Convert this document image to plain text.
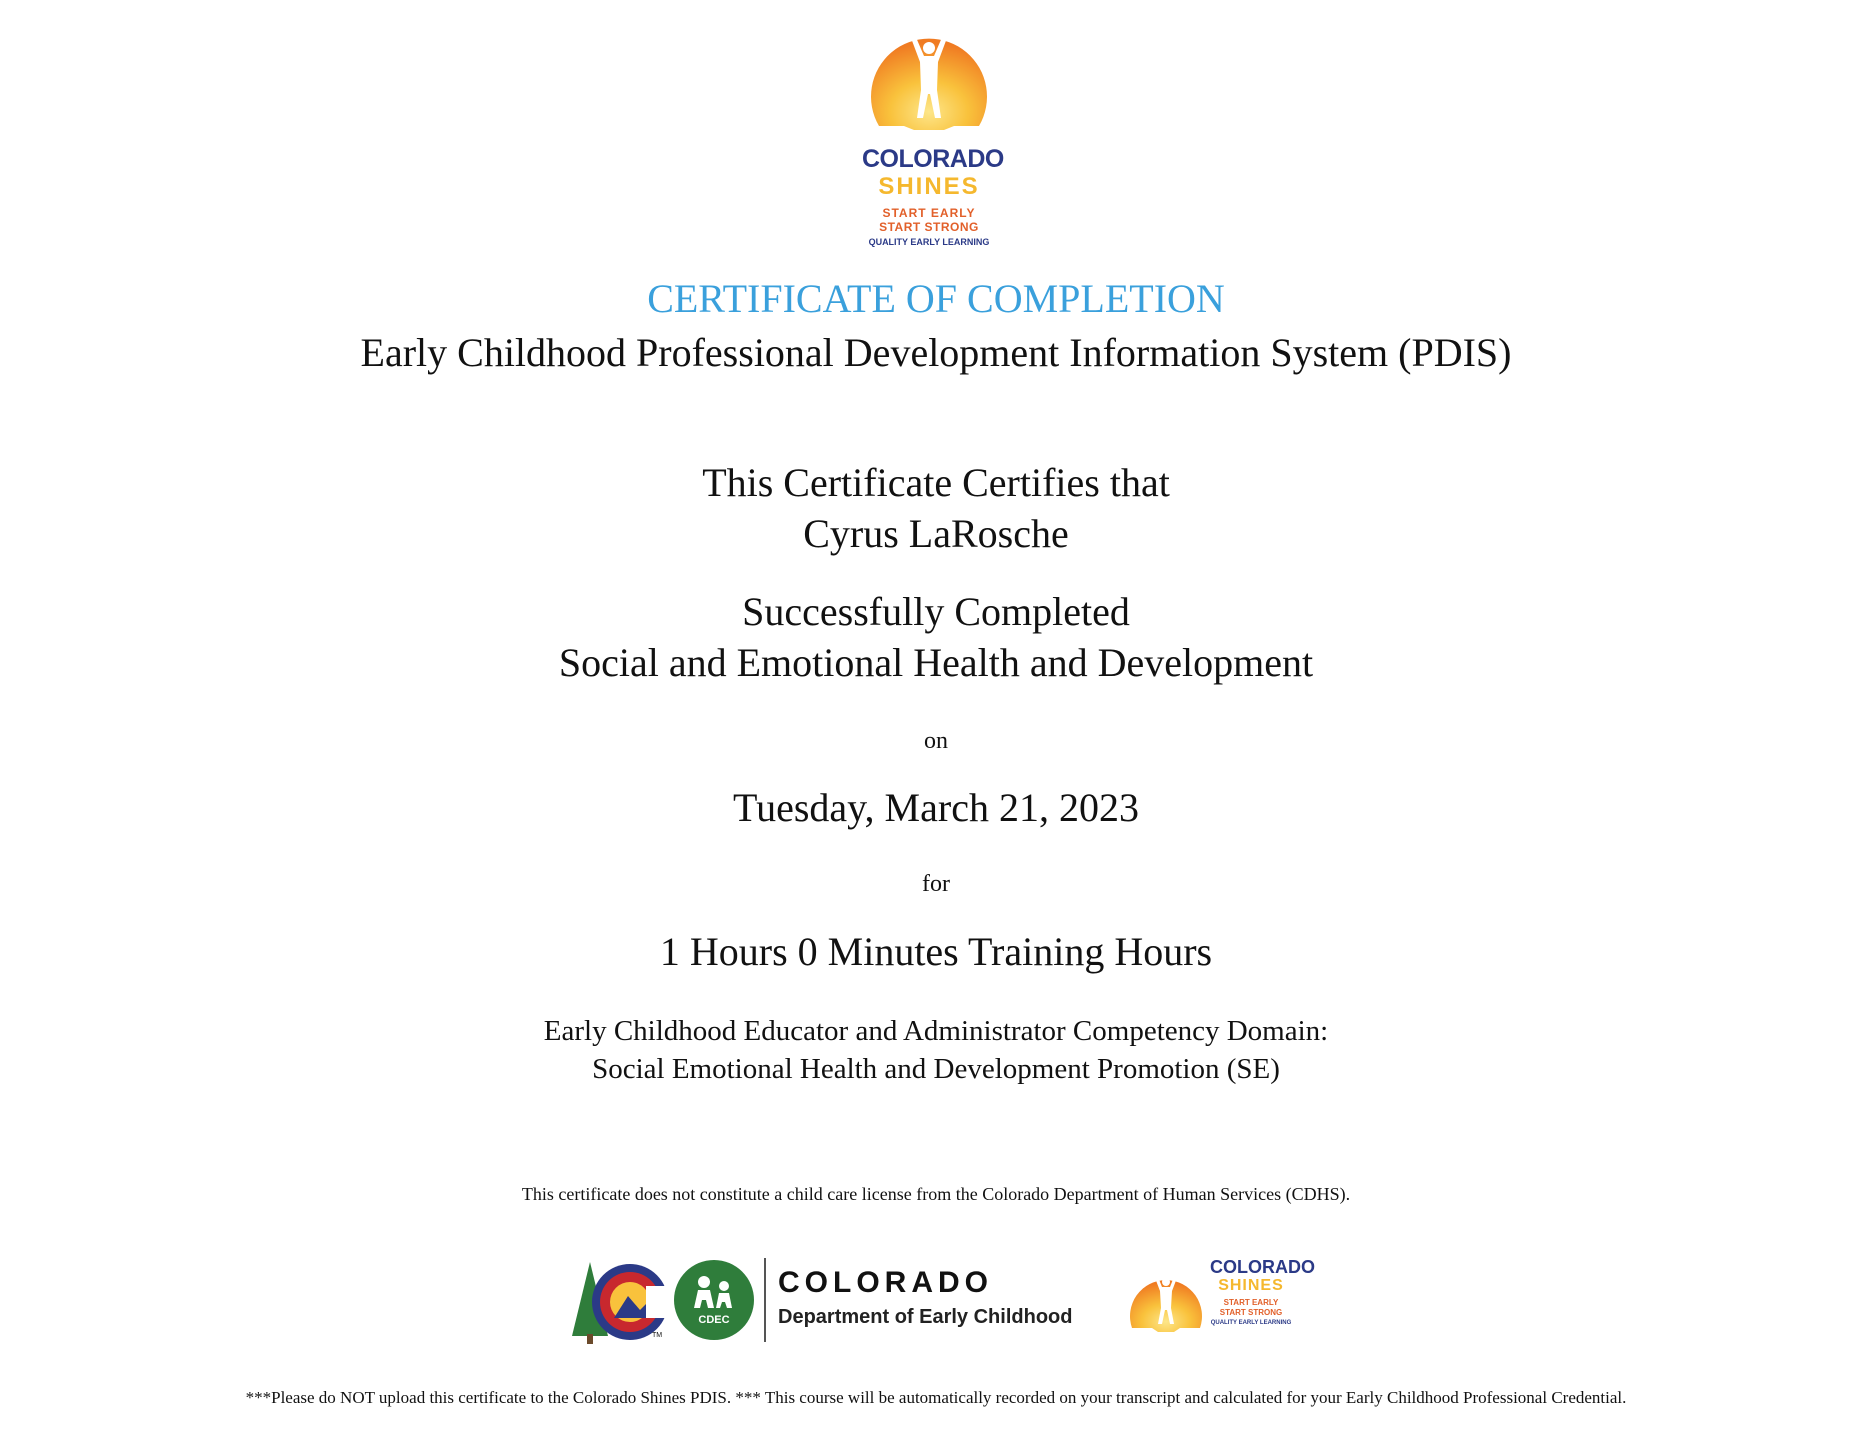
COLORADO
SHINES
START EARLY
START STRONG
QUALITY EARLY LEARNING
CERTIFICATE OF COMPLETION
Early Childhood Professional Development Information System (PDIS)
This Certificate Certifies that
Cyrus LaRosche
Successfully Completed
Social and Emotional Health and Development
on
Tuesday, March 21, 2023
for
1 Hours 0 Minutes Training Hours
Early Childhood Educator and Administrator Competency Domain:
Social Emotional Health and Development Promotion (SE)
This certificate does not constitute a child care license from the Colorado Department of Human Services (CDHS).
TM
CDEC
COLORADO
Department of Early Childhood
COLORADO
SHINES
START EARLY
START STRONG
QUALITY EARLY LEARNING
***Please do NOT upload this certificate to the Colorado Shines PDIS. *** This course will be automatically recorded on your transcript and calculated for your Early Childhood Professional Credential.
